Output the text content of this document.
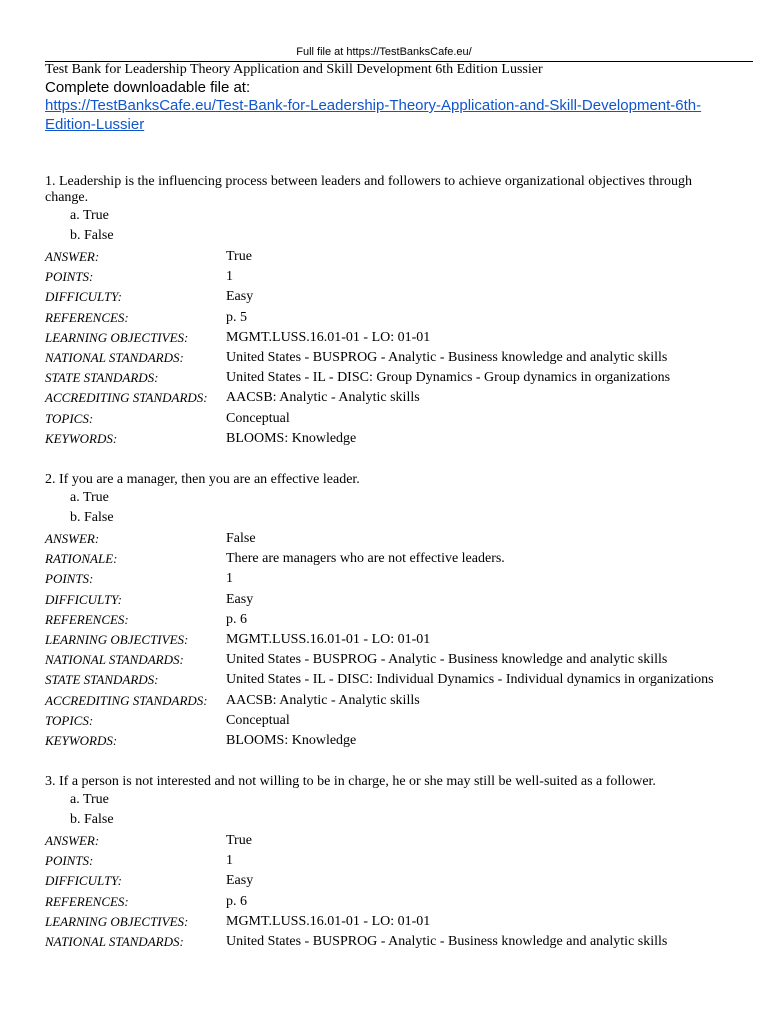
Full file at https://TestBanksCafe.eu/
Test Bank for Leadership Theory Application and Skill Development 6th Edition Lussier
Complete downloadable file at:
https://TestBanksCafe.eu/Test-Bank-for-Leadership-Theory-Application-and-Skill-Development-6th-Edition-Lussier
1. Leadership is the influencing process between leaders and followers to achieve organizational objectives through change.
a. True
b. False
ANSWER:	True
POINTS:	1
DIFFICULTY:	Easy
REFERENCES:	p. 5
LEARNING OBJECTIVES:	MGMT.LUSS.16.01-01 - LO: 01-01
NATIONAL STANDARDS:	United States - BUSPROG - Analytic - Business knowledge and analytic skills
STATE STANDARDS:	United States - IL - DISC: Group Dynamics - Group dynamics in organizations
ACCREDITING STANDARDS: AACSB: Analytic - Analytic skills
TOPICS:	Conceptual
KEYWORDS:	BLOOMS: Knowledge
2. If you are a manager, then you are an effective leader.
a. True
b. False
ANSWER:	False
RATIONALE:	There are managers who are not effective leaders.
POINTS:	1
DIFFICULTY:	Easy
REFERENCES:	p. 6
LEARNING OBJECTIVES:	MGMT.LUSS.16.01-01 - LO: 01-01
NATIONAL STANDARDS:	United States - BUSPROG - Analytic - Business knowledge and analytic skills
STATE STANDARDS:	United States - IL - DISC: Individual Dynamics - Individual dynamics in organizations
ACCREDITING STANDARDS: AACSB: Analytic - Analytic skills
TOPICS:	Conceptual
KEYWORDS:	BLOOMS: Knowledge
3. If a person is not interested and not willing to be in charge, he or she may still be well-suited as a follower.
a. True
b. False
ANSWER:	True
POINTS:	1
DIFFICULTY:	Easy
REFERENCES:	p. 6
LEARNING OBJECTIVES:	MGMT.LUSS.16.01-01 - LO: 01-01
NATIONAL STANDARDS:	United States - BUSPROG - Analytic - Business knowledge and analytic skills
